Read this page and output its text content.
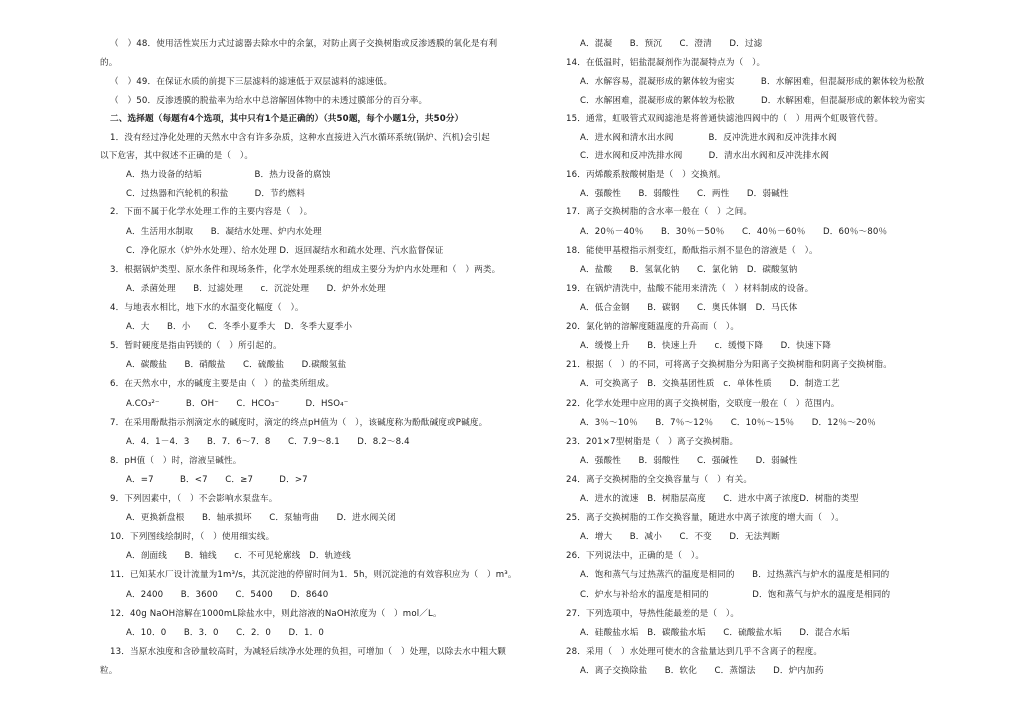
（　）48．使用活性炭压力式过滤器去除水中的余氯，对防止离子交换树脂或反渗透膜的氧化是有利
的。
（　）49．在保证水质的前提下三层滤料的滤速低于双层滤料的滤速低。
（　）50．反渗透膜的脱盐率为给水中总溶解固体物中的未透过膜部分的百分率。
二、选择题（每题有4个选项，其中只有1个是正确的）（共50题，每个小题1分，共50分）
1．没有经过净化处理的天然水中含有许多杂质，这种水直接进入汽水循环系统(锅炉、汽机)会引起
以下危害，其中叙述不正确的是（　）。
A．热力设备的结垢　　　　　　B．热力设备的腐蚀
C．过热器和汽轮机的积盐　　　D．节约燃料
2．下面不属于化学水处理工作的主要内容是（　）。
A．生活用水制取　　B．凝结水处理、炉内水处理
C．净化原水（炉外水处理）、给水处理 D．返回凝结水和疏水处理、汽水监督保证
3．根据锅炉类型、原水条件和现场条件，化学水处理系统的组成主要分为炉内水处理和（　）两类。
A．杀菌处理　　B．过滤处理　　c．沉淀处理　　D．炉外水处理
4．与地表水相比，地下水的水温变化幅度（　）。
A．大　　B．小　　C．冬季小夏季大　D．冬季大夏季小
5．暂时硬度是指由钙镁的（　）所引起的。
A．碳酸盐　　B．硝酸盐　　C．硫酸盐　　D.碳酸氢盐
6．在天然水中，水的碱度主要是由（　）的盐类所组成。
A.CO₃²⁻　　　B．OH⁻　　C．HCO₃⁻　　　D．HSO₄⁻
7．在采用酚酞指示剂滴定水的碱度时，滴定的终点pH值为（　），该碱度称为酚酞碱度或P碱度。
A．4．1－4．3　　B．7．6～7．8　　C．7.9～8.1　　D．8.2～8.4
8．pH值（　）时，溶液呈碱性。
A．=7　　　B．<7　　C．≥7　　　D．>7
9．下列因素中，（　）不会影响水泵盘车。
A．更换新盘根　　B．轴承损坏　　C．泵轴弯曲　　D．进水阀关闭
10．下列图线绘制时，（　）使用细实线。
A．剖面线　　B．轴线　　c．不可见轮廓线　D．轨迹线
11．已知某水厂设计流量为1m³/s，其沉淀池的停留时间为1．5h，则沉淀池的有效容积应为（　）m³。
A．2400　　B．3600　　C．5400　　D．8640
12．40g NaOH溶解在1000mL除盐水中，则此溶液的NaOH浓度为（　）mol／L。
A．10．0　　B．3．0　　C．2．0　　D．1．0
13．当原水浊度和含砂量较高时，为减轻后续净水处理的负担，可增加（　）处理，以除去水中粗大颗
粒。
A．混凝　　B．预沉　　C．澄清　　D．过滤
14．在低温时，铝盐混凝剂作为混凝特点为（　）。
A．水解容易，混凝形成的絮体较为密实　　　B．水解困难，但混凝形成的絮体较为松散
C．水解困难，混凝形成的絮体较为松散　　　D．水解困难，但混凝形成的絮体较为密实
15．通常，虹吸管式双阀滤池是将普通快滤池四阀中的（　）用两个虹吸管代替。
A．进水阀和清水出水阀　　　　B．反冲洗进水阀和反冲洗排水阀
C．进水阀和反冲洗排水阀　　　D．清水出水阀和反冲洗排水阀
16．丙烯酸系胺酸树脂是（　）交换剂。
A．强酸性　　B．弱酸性　　C．两性　　D．弱碱性
17．离子交换树脂的含水率一般在（　）之间。
A．20％－40％　　B．30％－50％　　C．40％－60％　　D．60％～80％
18．能使甲基橙指示剂变红，酚酞指示剂不显色的溶液是（　）。
A．盐酸　　B．氢氧化钠　　C．氯化钠　D．碳酸氢钠
19．在锅炉清洗中，盐酸不能用来清洗（　）材料制成的设备。
A．低合金钢　　B．碳钢　　C．奥氏体钢　D．马氏体
20．氯化钠的溶解度随温度的升高而（　）。
A．缓慢上升　　B．快速上升　　c．缓慢下降　　D．快速下降
21．根据（　）的不同，可将离子交换树脂分为阳离子交换树脂和阴离子交换树脂。
A．可交换离子　B．交换基团性质　c．单体性质　　D．制造工艺
22．化学水处理中应用的离子交换树脂，交联度一般在（　）范围内。
A．3％～10％　　B．7％～12％　　C．10％～15％　　D．12％～20％
23．201×7型树脂是（　）离子交换树脂。
A．强酸性　　B．弱酸性　　C．强碱性　　D．弱碱性
24．离子交换树脂的全交换容量与（　）有关。
A．进水的流速　B．树脂层高度　　C．进水中离子浓度D．树脂的类型
25．离子交换树脂的工作交换容量，随进水中离子浓度的增大而（　）。
A．增大　　B．减小　　C．不变　　D．无法判断
26．下列说法中，正确的是（　）。
A．饱和蒸气与过热蒸汽的温度是相同的　　B．过热蒸汽与炉水的温度是相同的
C．炉水与补给水的温度是相同的　　　　　D．饱和蒸气与炉水的温度是相同的
27．下列选项中，导热性能最差的是（　）。
A．硅酸盐水垢　B．碳酸盐水垢　　C．硫酸盐水垢　　D．混合水垢
28．采用（　）水处理可使水的含盐量达到几乎不含离子的程度。
A．离子交换除盐　　B．软化　　C．蒸馏法　　D．炉内加药
